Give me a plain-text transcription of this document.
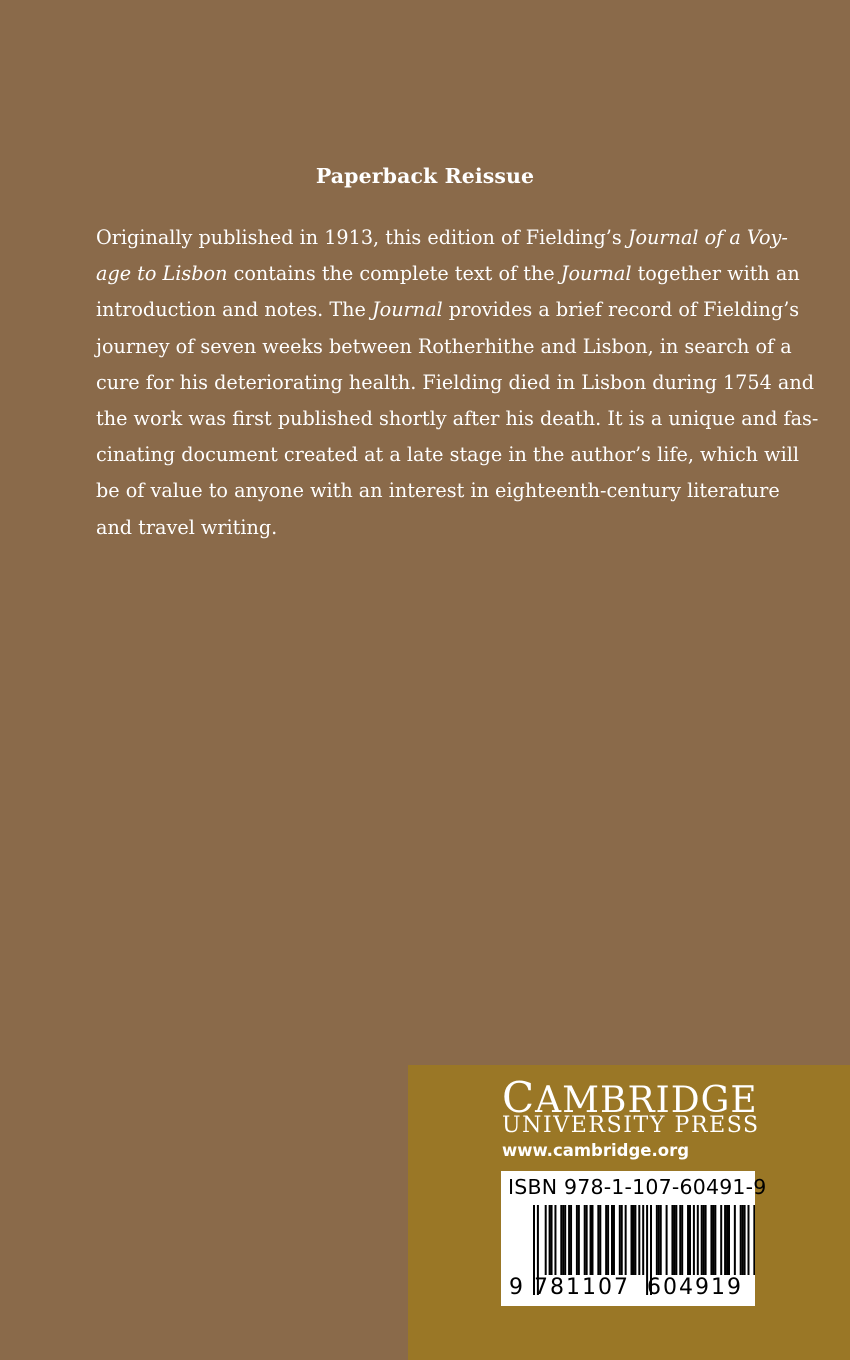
Paperback Reissue
Originally published in 1913, this edition of Fielding’s Journal of a Voy-
age to Lisbon contains the complete text of the Journal together with an
introduction and notes. The Journal provides a brief record of Fielding’s
journey of seven weeks between Rotherhithe and Lisbon, in search of a
cure for his deteriorating health. Fielding died in Lisbon during 1754 and
the work was first published shortly after his death. It is a unique and fas-
cinating document created at a late stage in the author’s life, which will
be of value to anyone with an interest in eighteenth-century literature
and travel writing.
CAMBRIDGE
UNIVERSITY PRESS
www.cambridge.org
ISBN 978-1-107-60491-9
9 781107 604919
